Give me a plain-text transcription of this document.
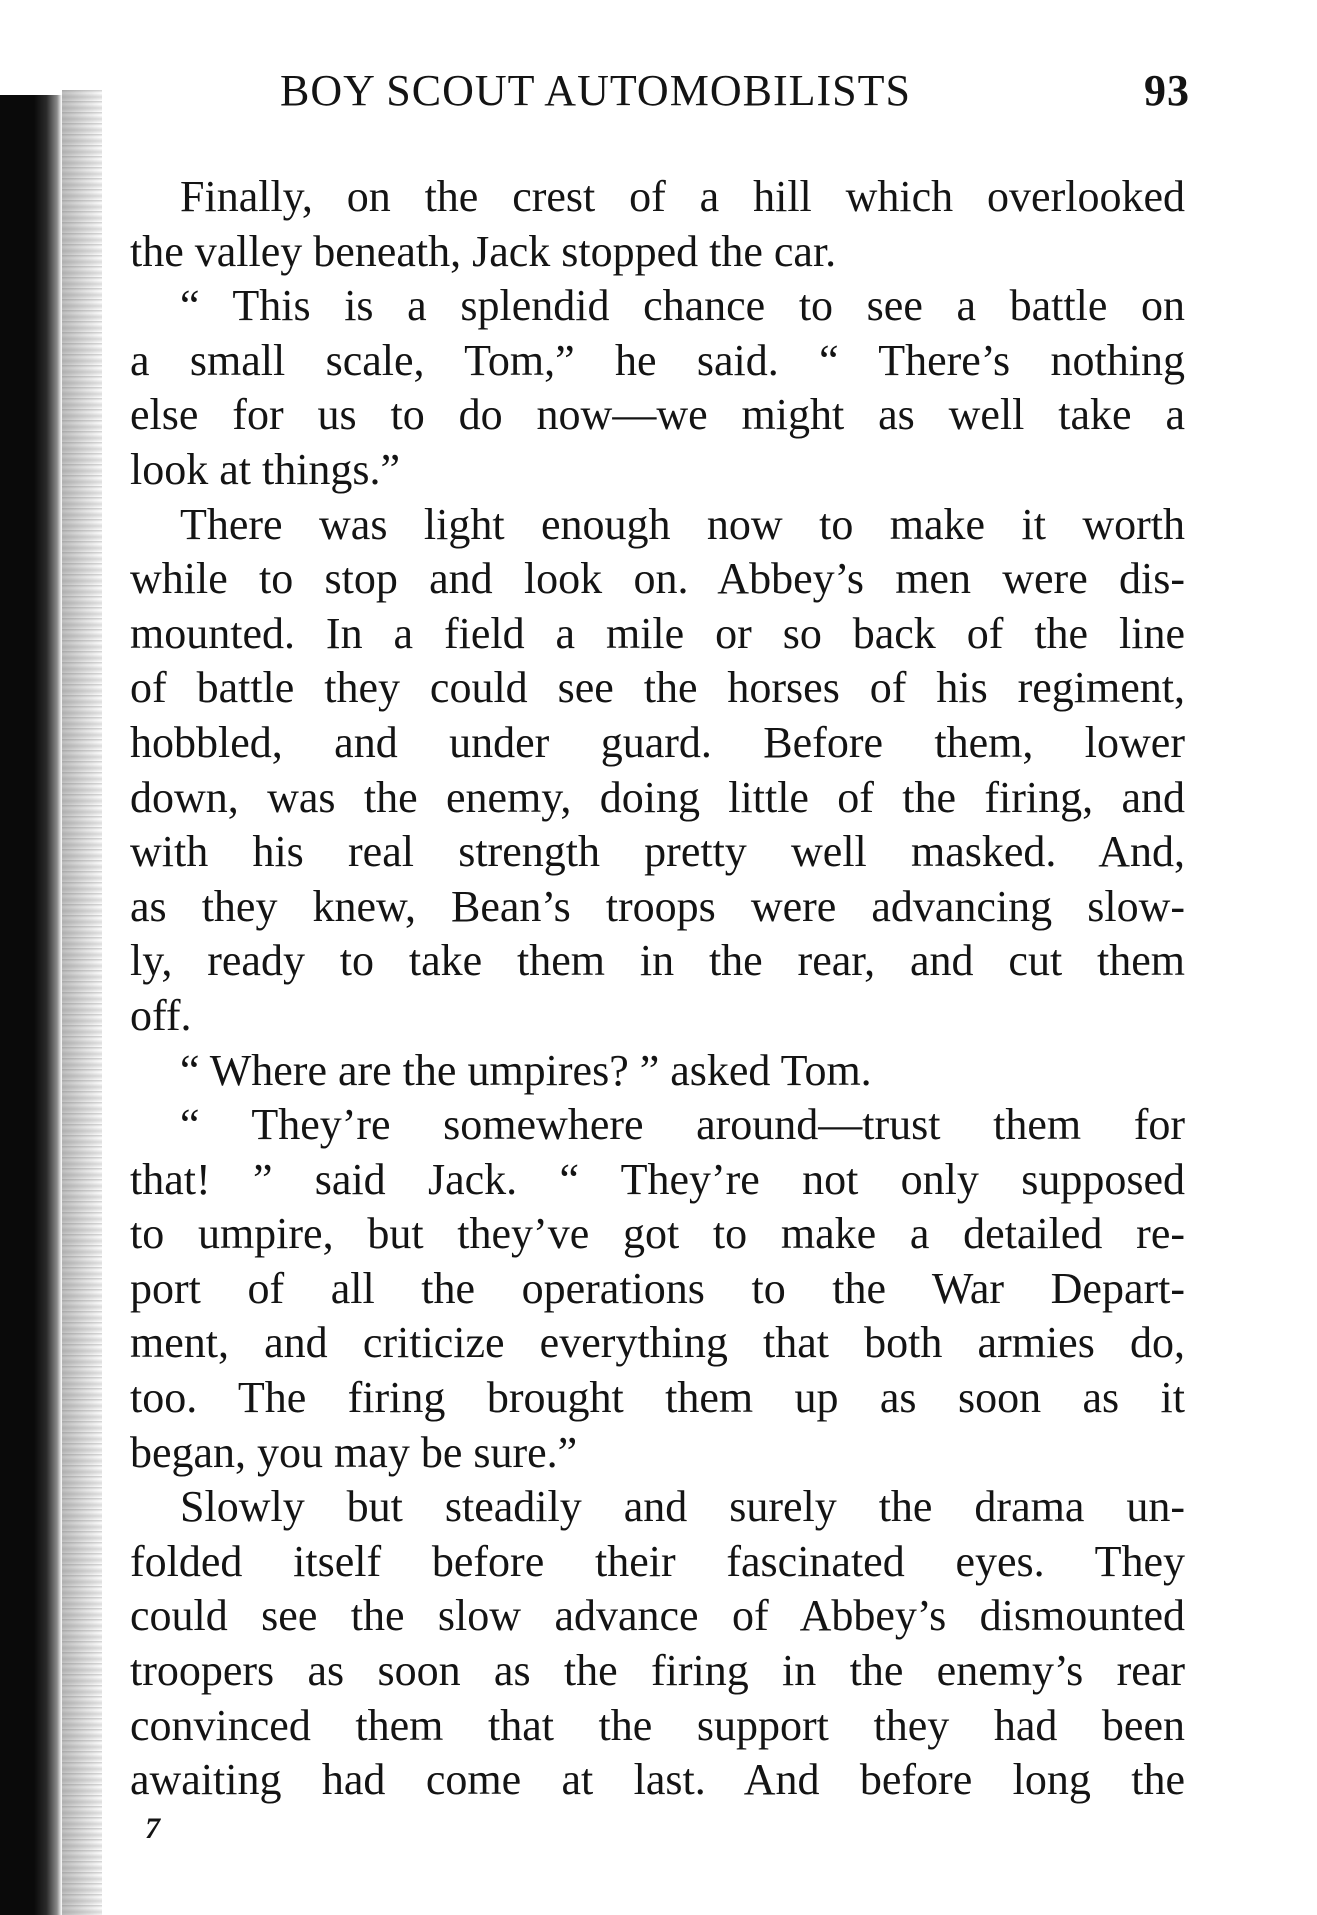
BOY SCOUT AUTOMOBILISTS	93
Finally, on the crest of a hill which overlooked
the valley beneath, Jack stopped the car.
“ This is a splendid chance to see a battle on
a small scale, Tom,” he said. “ There’s nothing
else for us to do now—we might as well take a
look at things.”
There was light enough now to make it worth
while to stop and look on. Abbey’s men were dis-
mounted. In a field a mile or so back of the line
of battle they could see the horses of his regiment,
hobbled, and under guard. Before them, lower
down, was the enemy, doing little of the firing, and
with his real strength pretty well masked. And,
as they knew, Bean’s troops were advancing slow-
ly, ready to take them in the rear, and cut them
off.
“ Where are the umpires? ” asked Tom.
“ They’re somewhere around—trust them for
that! ” said Jack. “ They’re not only supposed
to umpire, but they’ve got to make a detailed re-
port of all the operations to the War Depart-
ment, and criticize everything that both armies do,
too. The firing brought them up as soon as it
began, you may be sure.”
Slowly but steadily and surely the drama un-
folded itself before their fascinated eyes. They
could see the slow advance of Abbey’s dismounted
troopers as soon as the firing in the enemy’s rear
convinced them that the support they had been
awaiting had come at last. And before long the
7
